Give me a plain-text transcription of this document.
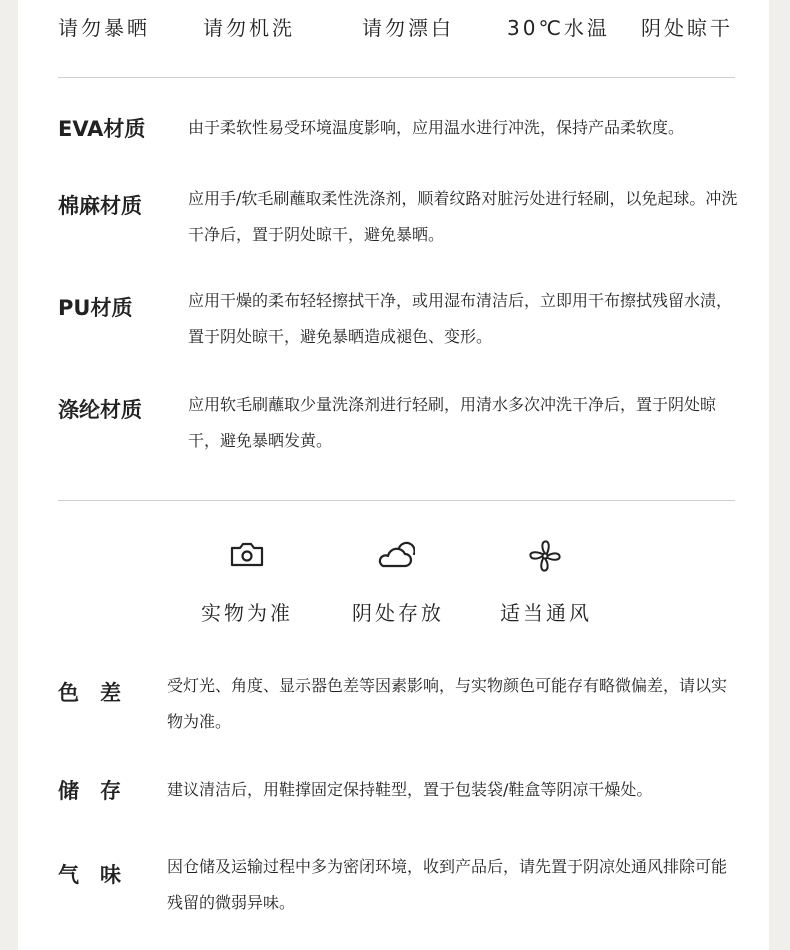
请勿暴晒	请勿机洗	请勿漂白	30℃水温 阴处晾干
EVA材质	由于柔软性易受环境温度影响，应用温水进行冲洗，保持产品柔软度。
棉麻材质	应用手/软毛刷蘸取柔性洗涤剂，顺着纹路对脏污处进行轻刷，以免起球。冲洗干净后，置于阴处晾干，避免暴晒。
PU材质	应用干燥的柔布轻轻擦拭干净，或用湿布清洁后，立即用干布擦拭残留水渍，置于阴处晾干，避免暴晒造成褪色、变形。
涤纶材质	应用软毛刷蘸取少量洗涤剂进行轻刷，用清水多次冲洗干净后，置于阴处晾干，避免暴晒发黄。
实物为准	阴处存放	适当通风
色　差	受灯光、角度、显示器色差等因素影响，与实物颜色可能存有略微偏差，请以实物为准。
储　存	建议清洁后，用鞋撑固定保持鞋型，置于包装袋/鞋盒等阴凉干燥处。
气　味	因仓储及运输过程中多为密闭环境，收到产品后，请先置于阴凉处通风排除可能残留的微弱异味。
